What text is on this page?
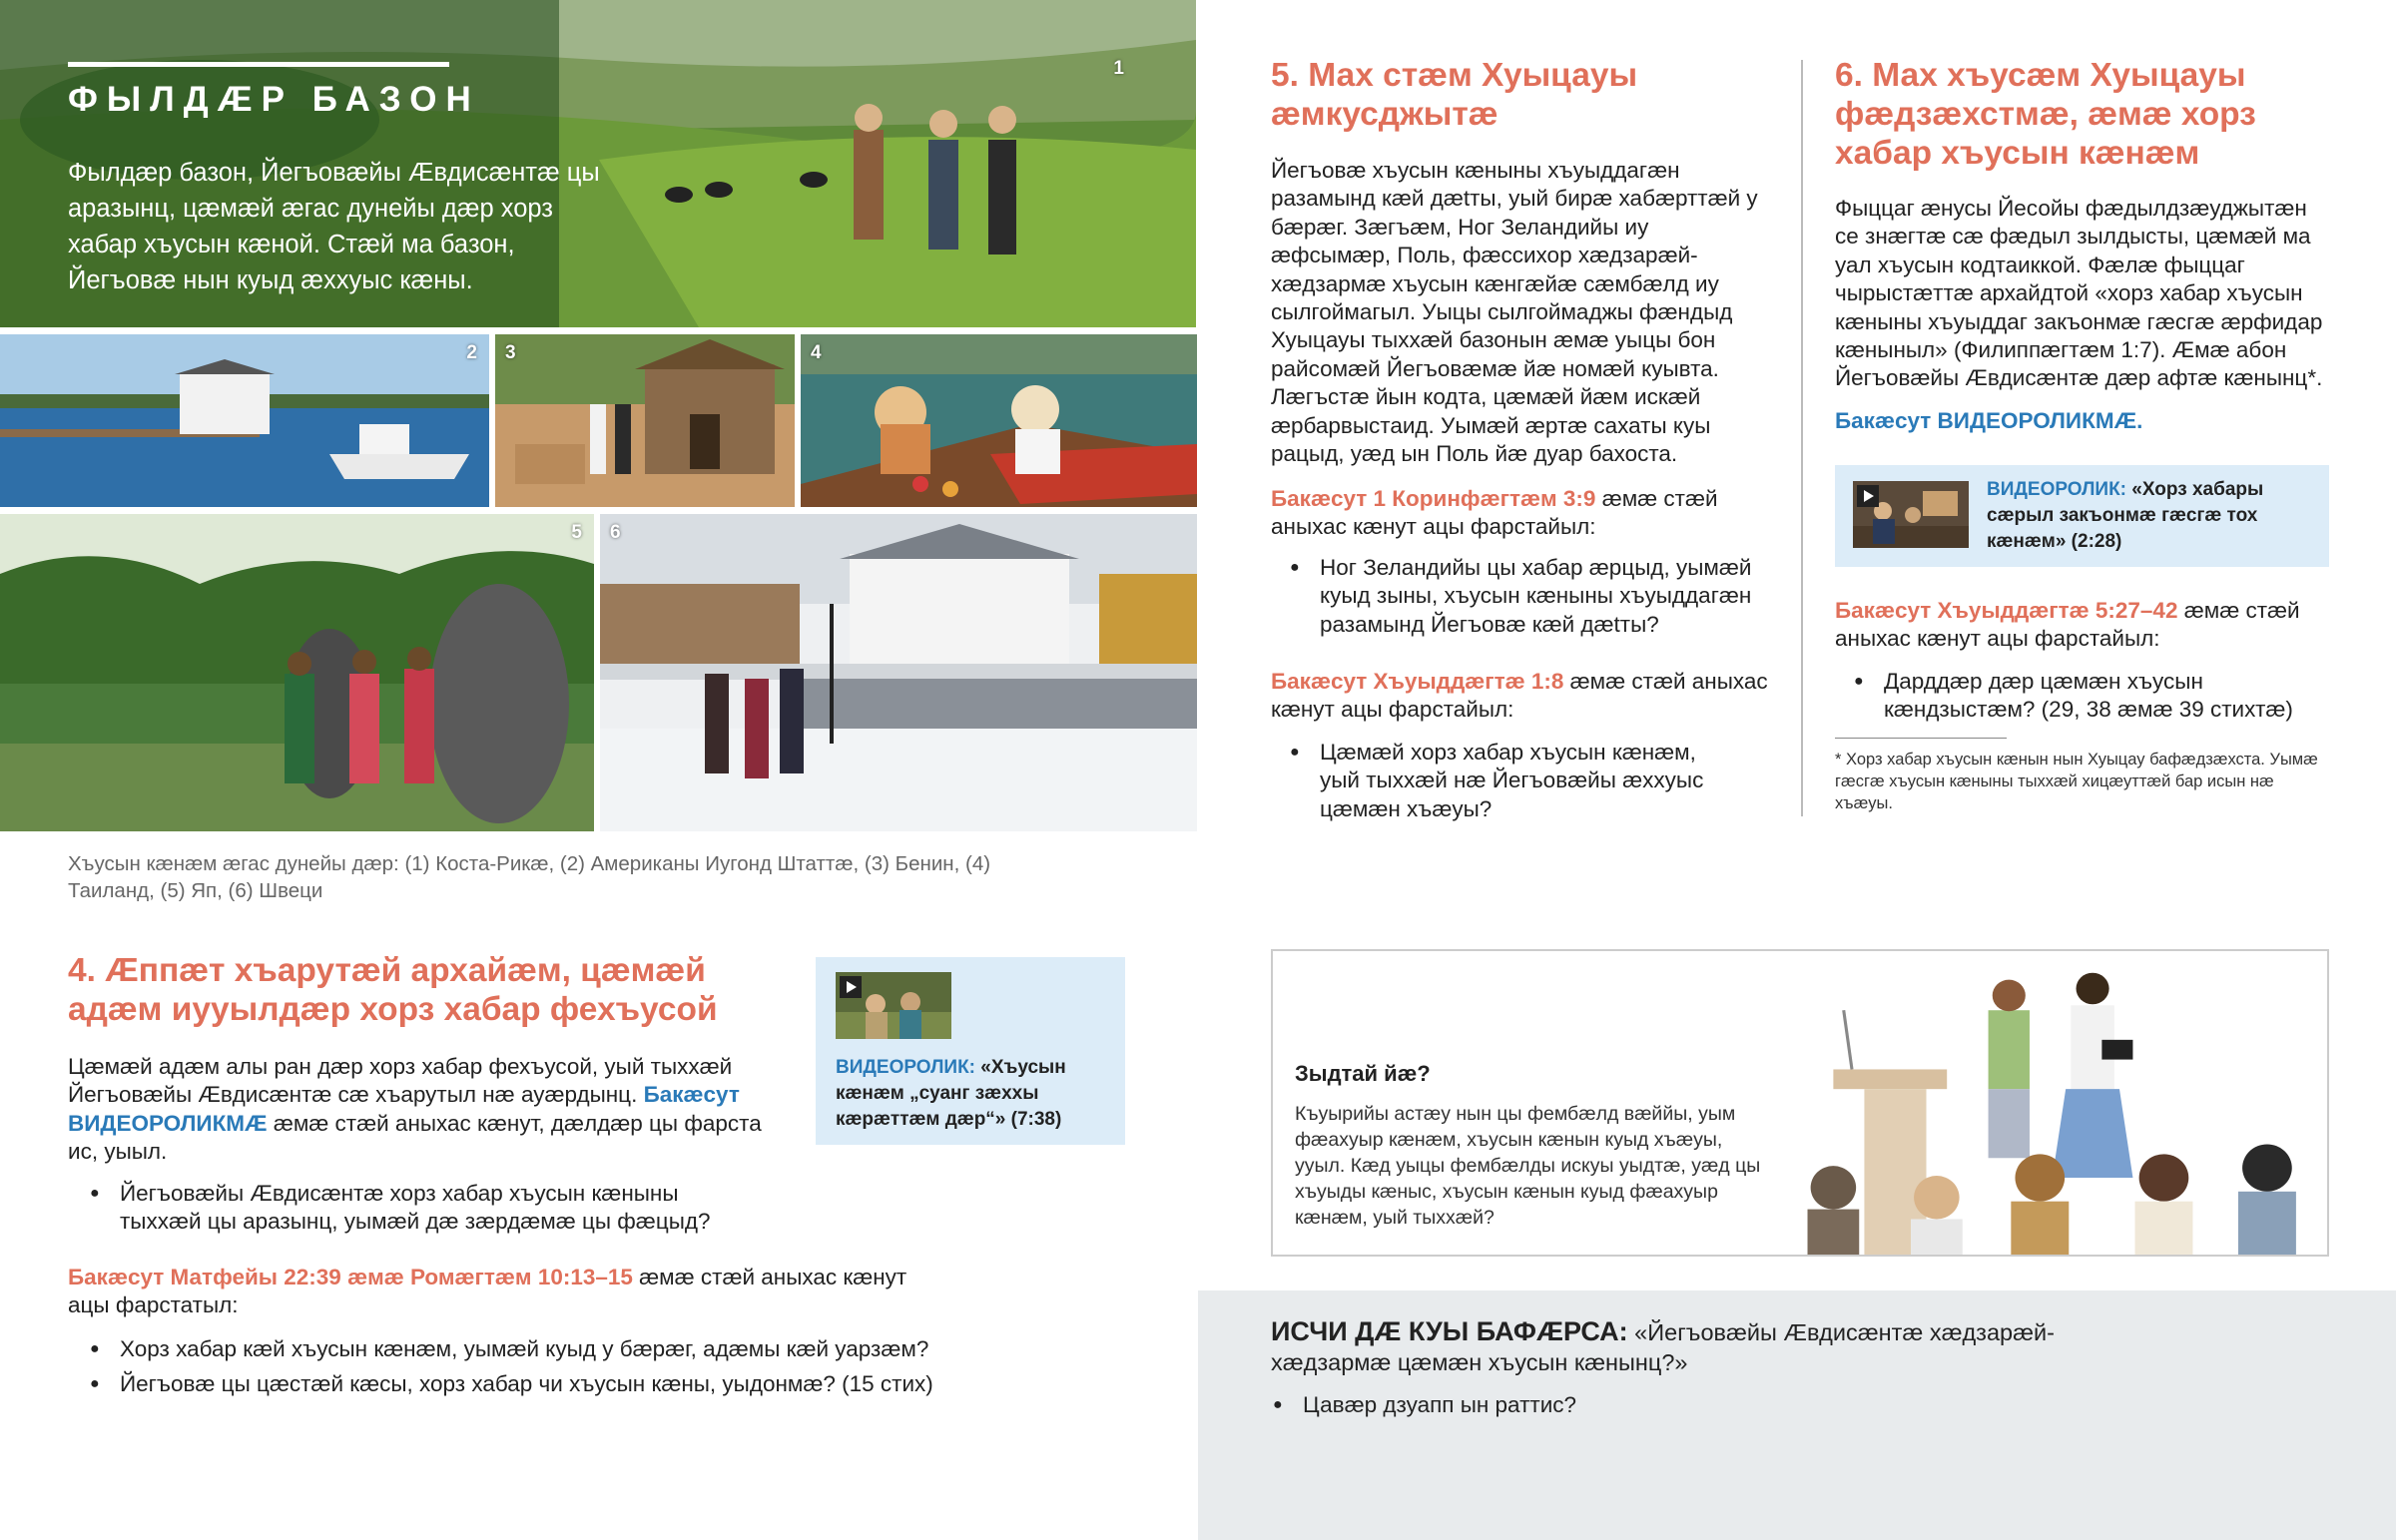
1
ФЫЛДÆР БАЗОН
Фылдæр базон, Йегъовæйы Æвдисæнтæ цы аразынц, цæмæй æгас дунейы дæр хорз хабар хъусын кæной. Стæй ма базон, Йегъовæ нын куыд æххуыс кæны.
2 3	4
5 6
Хъусын кæнæм æгас дунейы дæр: (1) Коста-Рикæ, (2) Американы Иугонд Штаттæ, (3) Бенин, (4) Таиланд, (5) Яп, (6) Швеци
4. Æппæт хъарутæй архайæм, цæмæй адæм иууылдæр хорз хабар фехъусой
Цæмæй адæм алы ран дæр хорз хабар фехъусой, уый тыххæй Йегъовæйы Æвдисæнтæ сæ хъарутыл нæ ауæрдынц. Бакæсут ВИДЕОРОЛИКМÆ æмæ стæй аныхас кæнут, дæлдæр цы фарста ис, уыыл.
● Йегъовæйы Æвдисæнтæ хорз хабар хъусын кæныны тыххæй цы аразынц, уымæй дæ зæрдæмæ цы фæцыд?
Бакæсут Матфейы 22:39 æмæ Ромæгтæм 10:13–15 æмæ стæй аныхас кæнут ацы фарстатыл:
● Хорз хабар кæй хъусын кæнæм, уымæй куыд у бæрæг, адæмы кæй уарзæм?
● Йегъовæ цы цæстæй кæсы, хорз хабар чи хъусын кæны, уыдонмæ? (15 стих)
ВИДЕОРОЛИК: «Хъусын кæнæм „суанг зæххы кæрæттæм дæр“» (7:38)
5. Мах стæм Хуыцауы æмкусджытæ
Йегъовæ хъусын кæныны хъуыддагæн разамынд кæй дætты, уый бирæ хабæрттæй у бæрæг. Зæгъæм, Ног Зеландийы иу æфсымæр, Поль, фæссихор хæдзарæй-хæдзармæ хъусын кæнгæйæ сæмбæлд иу сылгоймагыл. Уыцы сылгоймаджы фæндыд Хуыцауы тыххæй базонын æмæ уыцы бон райсомæй Йегъовæмæ йæ номæй куывта. Лæгъстæ йын кодта, цæмæй йæм искæй æрбарвыстаид. Уымæй æртæ сахаты куы рацыд, уæд ын Поль йæ дуар бахоста.
Бакæсут 1 Коринфæгтæм 3:9 æмæ стæй аныхас кæнут ацы фарстайыл:
● Ног Зеландийы цы хабар æрцыд, уымæй куыд зыны, хъусын кæныны хъуыддагæн разамынд Йегъовæ кæй дætты?
Бакæсут Хъуыддæгтæ 1:8 æмæ стæй аныхас кæнут ацы фарстайыл:
● Цæмæй хорз хабар хъусын кæнæм, уый тыххæй нæ Йегъовæйы æххуыс цæмæн хъæуы?
6. Мах хъусæм Хуыцауы фæдзæхстмæ, æмæ хорз хабар хъусын кæнæм
Фыццаг æнусы Йесойы фæдылдзæуджытæн се знæгтæ сæ фæдыл зылдысты, цæмæй ма уал хъусын кодтаиккой. Фæлæ фыццаг чырыстæттæ архайдтой «хорз хабар хъусын кæныны хъуыддаг закъонмæ гæсгæ æрфидар кæныныл» (Филиппæгтæм 1:7). Æмæ абон Йегъовæйы Æвдисæнтæ дæр афтæ кæнынц*.
Бакæсут ВИДЕОРОЛИКМÆ.
ВИДЕОРОЛИК: «Хорз хабары сæрыл закъонмæ гæсгæ тох кæнæм» (2:28)
Бакæсут Хъуыддæгтæ 5:27–42 æмæ стæй аныхас кæнут ацы фарстайыл:
● Дарддæр дæр цæмæн хъусын кæндзыстæм? (29, 38 æмæ 39 стихтæ)
* Хорз хабар хъусын кæнын нын Хуыцау бафæдзæхста. Уымæ гæсгæ хъусын кæныны тыххæй хицæуттæй бар исын нæ хъæуы.
Зыдтай йæ?
Къуырийы астæу нын цы фембæлд вæййы, уым фæахуыр кæнæм, хъусын кæнын куыд хъæуы, ууыл. Кæд уыцы фембæлды искуы уыдтæ, уæд цы хъуыды кæныс, хъусын кæнын куыд фæахуыр кæнæм, уый тыххæй?
ИСЧИ ДÆ КУЫ БАФÆРСА: «Йегъовæйы Æвдисæнтæ хæдзарæй-хæдзармæ цæмæн хъусын кæнынц?»
● Цавæр дзуапп ын раттис?
